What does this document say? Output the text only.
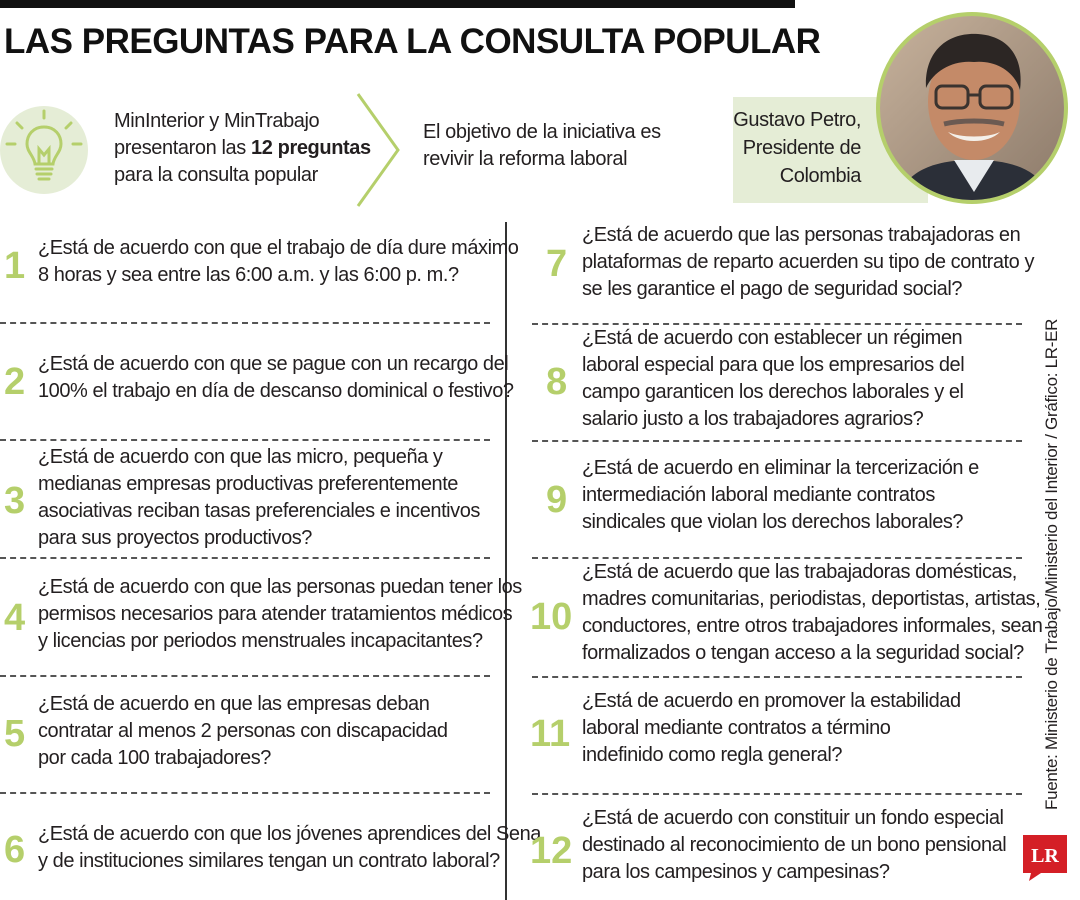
LAS PREGUNTAS PARA LA CONSULTA POPULAR
MinInterior y MinTrabajo presentaron las 12 preguntas para la consulta popular
El objetivo de la iniciativa es revivir la reforma laboral
Gustavo Petro,
Presidente de
Colombia
1 ¿Está de acuerdo con que el trabajo de día dure máximo
8 horas y sea entre las 6:00 a.m. y las 6:00 p. m.?
2 ¿Está de acuerdo con que se pague con un recargo del
100% el trabajo en día de descanso dominical o festivo?
3
¿Está de acuerdo con que las micro, pequeña y
medianas empresas productivas preferentemente
asociativas reciban tasas preferenciales e incentivos
para sus proyectos productivos?
4
¿Está de acuerdo con que las personas puedan tener los
permisos necesarios para atender tratamientos médicos
y licencias por periodos menstruales incapacitantes?
5
¿Está de acuerdo en que las empresas deban
contratar al menos 2 personas con discapacidad
por cada 100 trabajadores?
6 ¿Está de acuerdo con que los jóvenes aprendices del Sena
y de instituciones similares tengan un contrato laboral?
7
¿Está de acuerdo que las personas trabajadoras en
plataformas de reparto acuerden su tipo de contrato y
se les garantice el pago de seguridad social?
8
¿Está de acuerdo con establecer un régimen
laboral especial para que los empresarios del
campo garanticen los derechos laborales y el
salario justo a los trabajadores agrarios?
9
¿Está de acuerdo en eliminar la tercerización e
intermediación laboral mediante contratos
sindicales que violan los derechos laborales?
10
¿Está de acuerdo que las trabajadoras domésticas,
madres comunitarias, periodistas, deportistas, artistas,
conductores, entre otros trabajadores informales, sean
formalizados o tengan acceso a la seguridad social?
11
¿Está de acuerdo en promover la estabilidad
laboral mediante contratos a término
indefinido como regla general?
12
¿Está de acuerdo con constituir un fondo especial
destinado al reconocimiento de un bono pensional
para los campesinos y campesinas?
Fuente: Ministerio de Trabajo/Ministerio del Interior / Gráfico: LR-ER
LR
